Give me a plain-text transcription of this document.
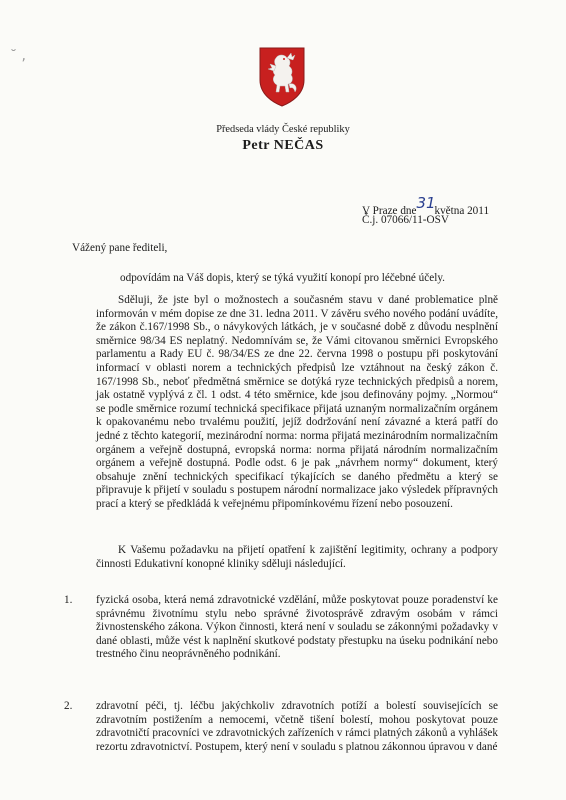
˘ ,
Předseda vlády České republiky
Petr NEČAS
V Praze dne31května 2011
Č.j. 07066/11-OSV
Vážený pane řediteli,
odpovídám na Váš dopis, který se týká využití konopí pro léčebné účely.

Sděluji, že jste byl o možnostech a současném stavu v dané problematice plně informován v mém dopise ze dne 31. ledna 2011. V závěru svého nového podání uvádíte, že zákon č.167/1998 Sb., o návykových látkách, je v současné době z důvodu nesplnění směrnice 98/34 ES neplatný. Nedomnívám se, že Vámi citovanou směrnici Evropského parlamentu a Rady EU č. 98/34/ES ze dne 22. června 1998 o postupu při poskytování informací v oblasti norem a technických předpisů lze vztáhnout na český zákon č. 167/1998 Sb., neboť předmětná směrnice se dotýká ryze technických předpisů a norem, jak ostatně vyplývá z čl. 1 odst. 4 této směrnice, kde jsou definovány pojmy. „Normou“ se podle směrnice rozumí technická specifikace přijatá uznaným normalizačním orgánem k opakovanému nebo trvalému použití, jejíž dodržování není závazné a která patří do jedné z těchto kategorií, mezinárodní norma: norma přijatá mezinárodním normalizačním orgánem a veřejně dostupná, evropská norma: norma přijatá národním normalizačním orgánem a veřejně dostupná. Podle odst. 6 je pak „návrhem normy“ dokument, který obsahuje znění technických specifikací týkajících se daného předmětu a který se připravuje k přijetí v souladu s postupem národní normalizace jako výsledek přípravných prací a který se předkládá k veřejnému připomínkovému řízení nebo posouzení.

K Vašemu požadavku na přijetí opatření k zajištění legitimity, ochrany a podpory činnosti Edukativní konopné kliniky sděluji následující.

1. fyzická osoba, která nemá zdravotnické vzdělání, může poskytovat pouze poradenství ke správnému životnímu stylu nebo správné životosprávě zdravým osobám v rámci živnostenského zákona. Výkon činnosti, která není v souladu se zákonnými požadavky v dané oblasti, může vést k naplnění skutkové podstaty přestupku na úseku podnikání nebo trestného činu neoprávněného podnikání.
2. zdravotní péči, tj. léčbu jakýchkoliv zdravotních potíží a bolestí souvisejících se zdravotním postižením a nemocemi, včetně tišení bolestí, mohou poskytovat pouze zdravotničtí pracovníci ve zdravotnických zařízeních v rámci platných zákonů a vyhlášek rezortu zdravotnictví. Postupem, který není v souladu s platnou zákonnou úpravou v dané
